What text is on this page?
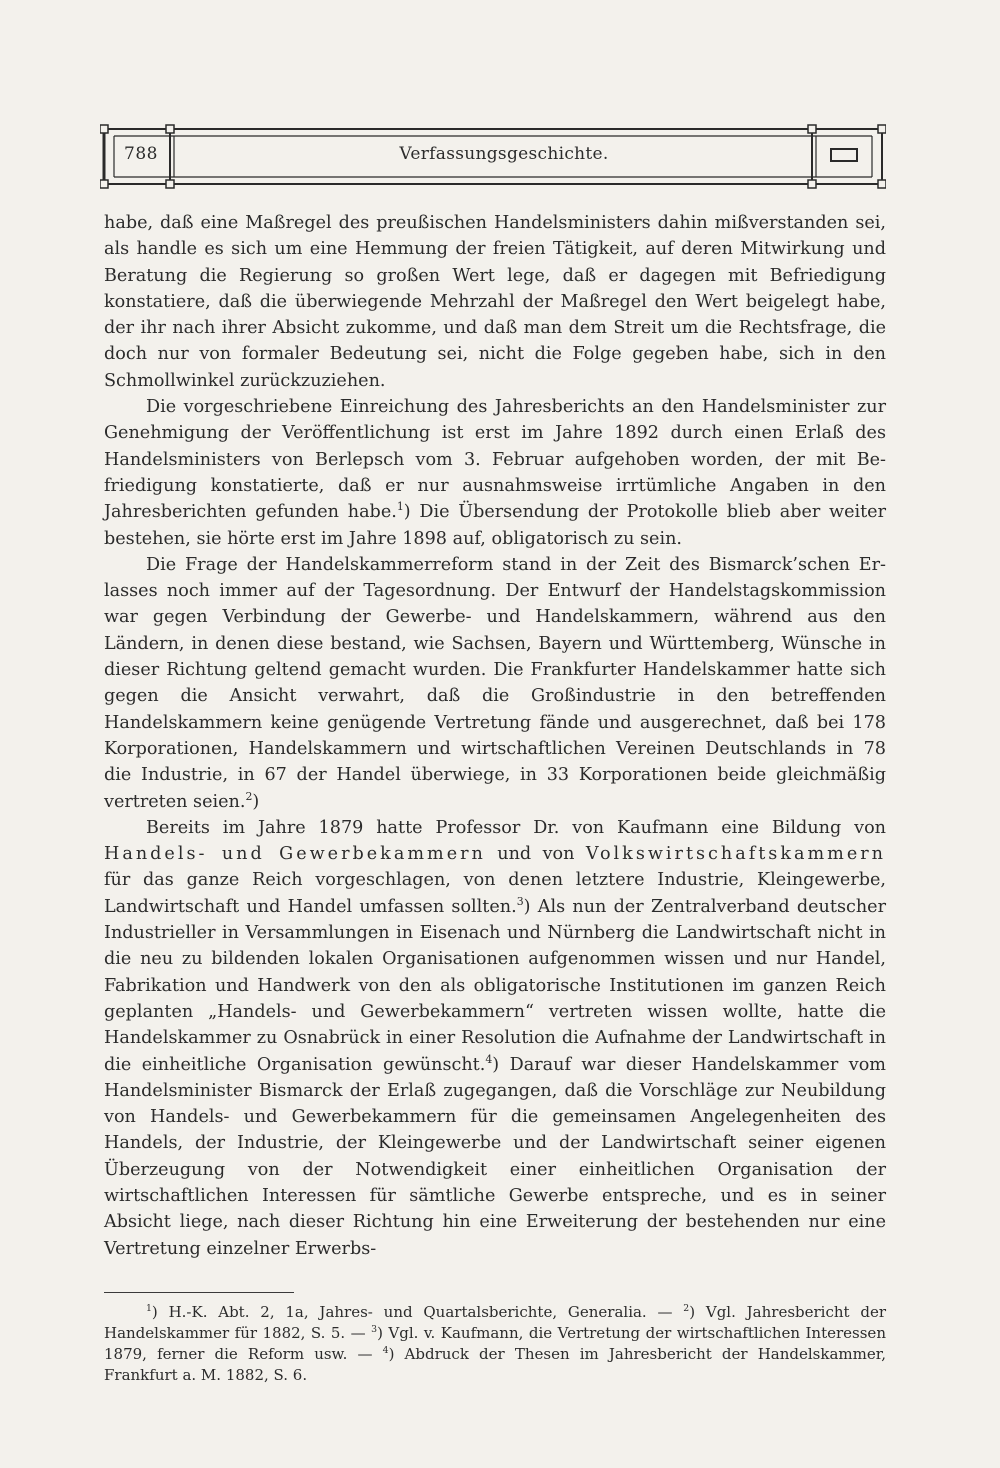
788	Verfassungsgeschichte.

habe, daß eine Maßregel des preußischen Handelsministers dahin mißverstanden sei, als handle es sich um eine Hemmung der freien Tätigkeit, auf deren Mitwirkung und Beratung die Regierung so großen Wert lege, daß er dagegen mit Befriedigung konstatiere, daß die überwiegende Mehrzahl der Maßregel den Wert beigelegt habe, der ihr nach ihrer Absicht zukomme, und daß man dem Streit um die Rechtsfrage, die doch nur von formaler Bedeutung sei, nicht die Folge gegeben habe, sich in den Schmollwinkel zurückzuziehen.

Die vorgeschriebene Einreichung des Jahresberichts an den Handelsminister zur Genehmigung der Veröffentlichung ist erst im Jahre 1892 durch einen Erlaß des Handelsministers von Berlepsch vom 3. Februar aufgehoben worden, der mit Befriedigung konstatierte, daß er nur ausnahmsweise irrtümliche Angaben in den Jahresberichten gefunden habe.$^1$) Die Übersendung der Protokolle blieb aber weiter bestehen, sie hörte erst im Jahre 1898 auf, obligatorisch zu sein.

Die Frage der Handelskammerreform stand in der Zeit des Bismarck’schen Erlasses noch immer auf der Tagesordnung. Der Entwurf der Handelstagskommission war gegen Verbindung der Gewerbe- und Handelskammern, während aus den Ländern, in denen diese bestand, wie Sachsen, Bayern und Württemberg, Wünsche in dieser Richtung geltend gemacht wurden. Die Frankfurter Handelskammer hatte sich gegen die Ansicht verwahrt, daß die Großindustrie in den betreffenden Handelskammern keine genügende Vertretung fände und ausgerechnet, daß bei 178 Korporationen, Handelskammern und wirtschaftlichen Vereinen Deutschlands in 78 die Industrie, in 67 der Handel überwiege, in 33 Korporationen beide gleichmäßig vertreten seien.$^2$)

Bereits im Jahre 1879 hatte Professor Dr. von Kaufmann eine Bildung von Handels- und Gewerbekammern und von Volkswirtschaftskammern für das ganze Reich vorgeschlagen, von denen letztere Industrie, Kleingewerbe, Landwirtschaft und Handel umfassen sollten.$^3$) Als nun der Zentralverband deutscher Industrieller in Versammlungen in Eisenach und Nürnberg die Landwirtschaft nicht in die neu zu bildenden lokalen Organisationen aufgenommen wissen und nur Handel, Fabrikation und Handwerk von den als obligatorische Institutionen im ganzen Reich geplanten „Handels- und Gewerbekammern“ vertreten wissen wollte, hatte die Handelskammer zu Osnabrück in einer Resolution die Aufnahme der Landwirtschaft in die einheitliche Organisation gewünscht.$^4$) Darauf war dieser Handelskammer vom Handelsminister Bismarck der Erlaß zugegangen, daß die Vorschläge zur Neubildung von Handels- und Gewerbekammern für die gemeinsamen Angelegenheiten des Handels, der Industrie, der Kleingewerbe und der Landwirtschaft seiner eigenen Überzeugung von der Notwendigkeit einer einheitlichen Organisation der wirtschaftlichen Interessen für sämtliche Gewerbe entspreche, und es in seiner Absicht liege, nach dieser Richtung hin eine Erweiterung der bestehenden nur eine Vertretung einzelner Erwerbs-

$^1$) H.-K. Abt. 2, 1a, Jahres- und Quartalsberichte, Generalia. — $^2$) Vgl. Jahresbericht der Handelskammer für 1882, S. 5. — $^3$) Vgl. v. Kaufmann, die Vertretung der wirtschaftlichen Interessen 1879, ferner die Reform usw. — $^4$) Abdruck der Thesen im Jahresbericht der Handelskammer, Frankfurt a. M. 1882, S. 6.
